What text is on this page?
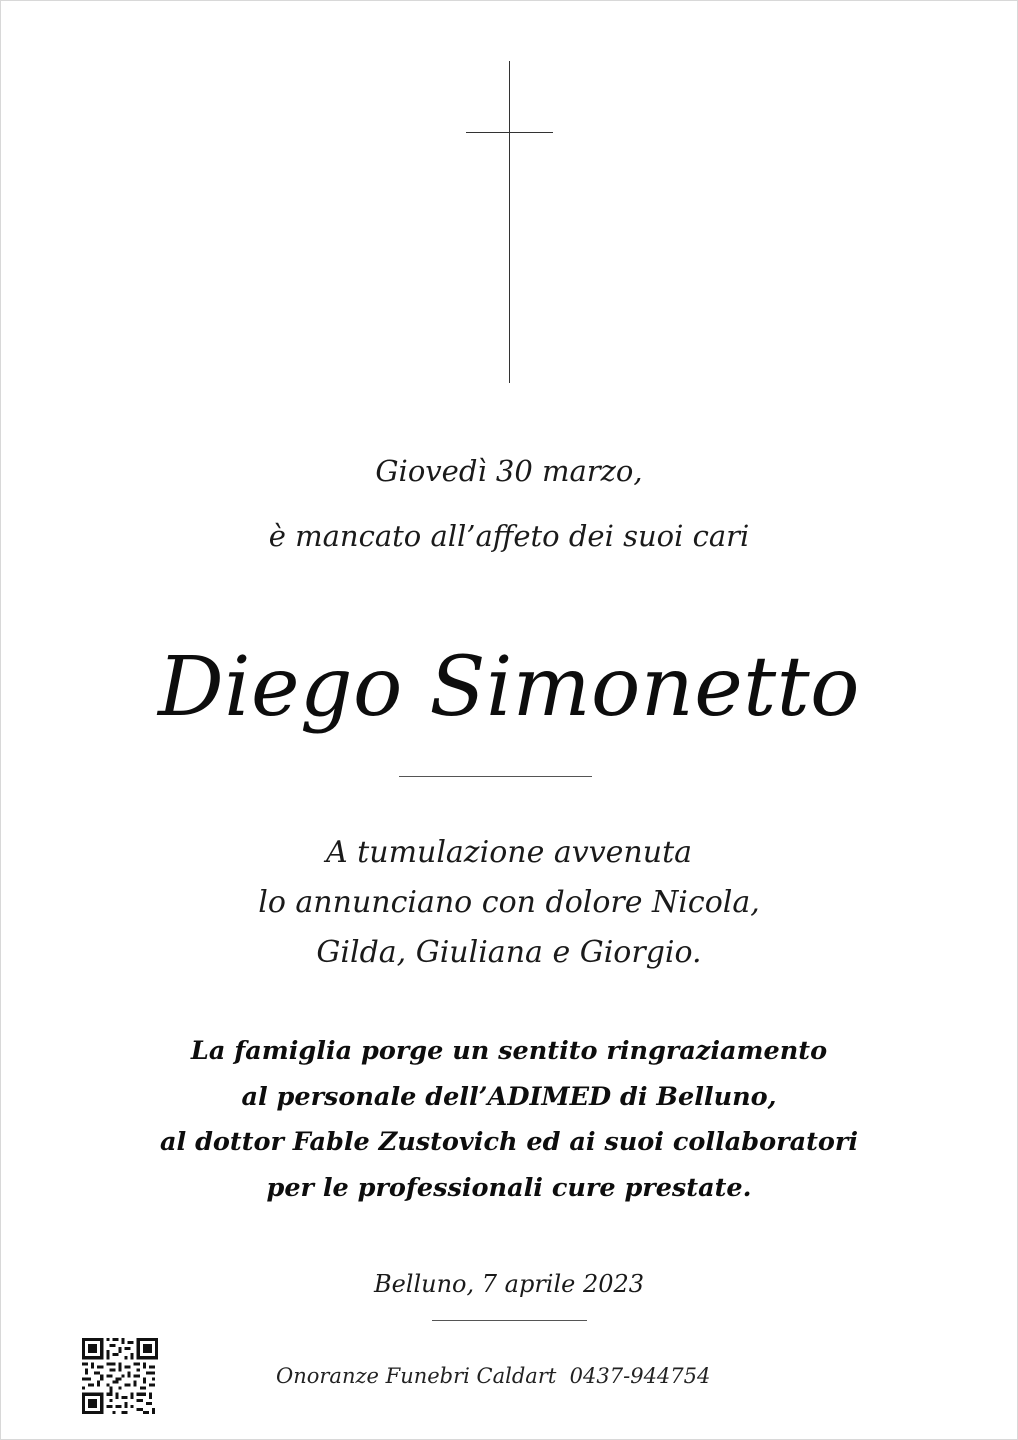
Giovedì 30 marzo,
è mancato all’affeto dei suoi cari
Diego Simonetto
A tumulazione avvenuta
lo annunciano con dolore Nicola,
Gilda, Giuliana e Giorgio.
La famiglia porge un sentito ringraziamento
al personale dell’ADIMED di Belluno,
al dottor Fable Zustovich ed ai suoi collaboratori
per le professionali cure prestate.
Belluno, 7 aprile 2023
Onoranze Funebri Caldart 0437-944754
